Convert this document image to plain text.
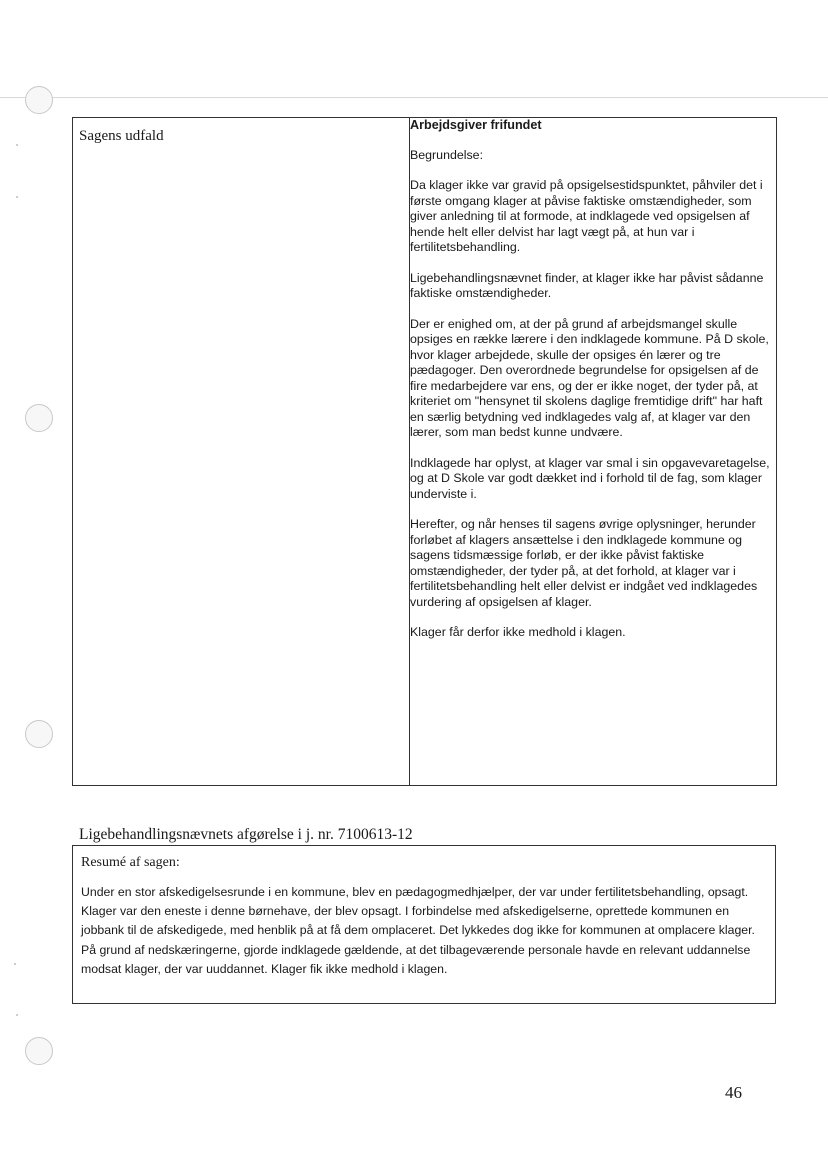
Sagens udfald

Arbejdsgiver frifundet

Begrundelse:

Da klager ikke var gravid på opsigelsestidspunktet, påhviler det i første omgang klager at påvise faktiske omstændigheder, som giver anledning til at formode, at indklagede ved opsigelsen af hende helt eller delvist har lagt vægt på, at hun var i fertilitetsbehandling.

Ligebehandlingsnævnet finder, at klager ikke har påvist sådanne faktiske omstændigheder.

Der er enighed om, at der på grund af arbejdsmangel skulle opsiges en række lærere i den indklagede kommune. På D skole, hvor klager arbejdede, skulle der opsiges én lærer og tre pædagoger. Den overordnede begrundelse for opsigelsen af de fire medarbejdere var ens, og der er ikke noget, der tyder på, at kriteriet om "hensynet til skolens daglige fremtidige drift" har haft en særlig betydning ved indklagedes valg af, at klager var den lærer, som man bedst kunne undvære.

Indklagede har oplyst, at klager var smal i sin opgavevaretagelse, og at D Skole var godt dækket ind i forhold til de fag, som klager underviste i.

Herefter, og når henses til sagens øvrige oplysninger, herunder forløbet af klagers ansættelse i den indklagede kommune og sagens tidsmæssige forløb, er der ikke påvist faktiske omstændigheder, der tyder på, at det forhold, at klager var i fertilitetsbehandling helt eller delvist er indgået ved indklagedes vurdering af opsigelsen af klager.

Klager får derfor ikke medhold i klagen.

Ligebehandlingsnævnets afgørelse i j. nr. 7100613-12
Resumé af sagen:
Under en stor afskedigelsesrunde i en kommune, blev en pædagogmedhjælper, der var under fertilitetsbehandling, opsagt. Klager var den eneste i denne børnehave, der blev opsagt. I forbindelse med afskedigelserne, oprettede kommunen en jobbank til de afskedigede, med henblik på at få dem omplaceret. Det lykkedes dog ikke for kommunen at omplacere klager. På grund af nedskæringerne, gjorde indklagede gældende, at det tilbageværende personale havde en relevant uddannelse modsat klager, der var uuddannet. Klager fik ikke medhold i klagen.
46
